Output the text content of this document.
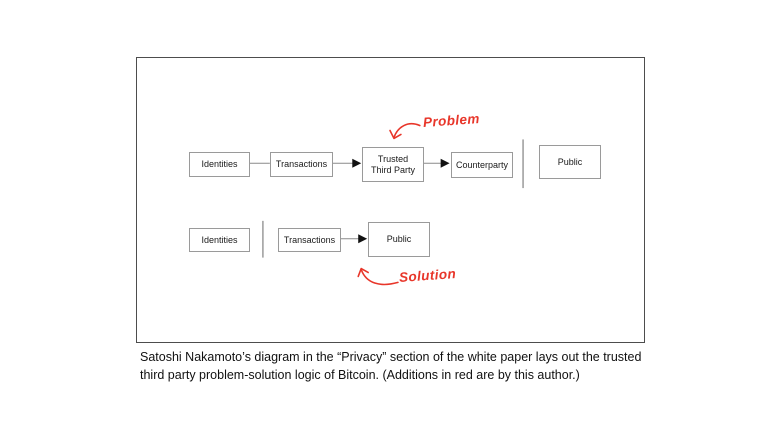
Identities	Transactions
Trusted Third Party	Counterparty	Public
Identities	Transactions	Public
Problem
Solution

Satoshi Nakamoto’s diagram in the “Privacy” section of the white paper lays out the trusted third party problem-solution logic of Bitcoin. (Additions in red are by this author.)
